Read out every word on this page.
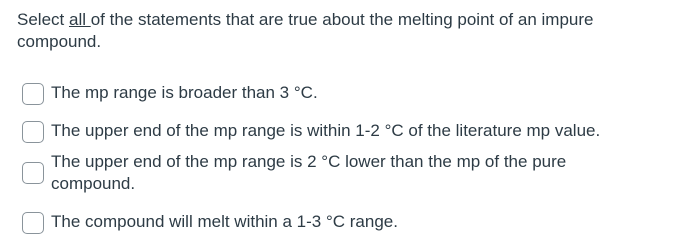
Select all of the statements that are true about the melting point of an impure compound.
The mp range is broader than 3 °C.
The upper end of the mp range is within 1-2 °C of the literature mp value.
The upper end of the mp range is 2 °C lower than the mp of the pure compound.
The compound will melt within a 1-3 °C range.
